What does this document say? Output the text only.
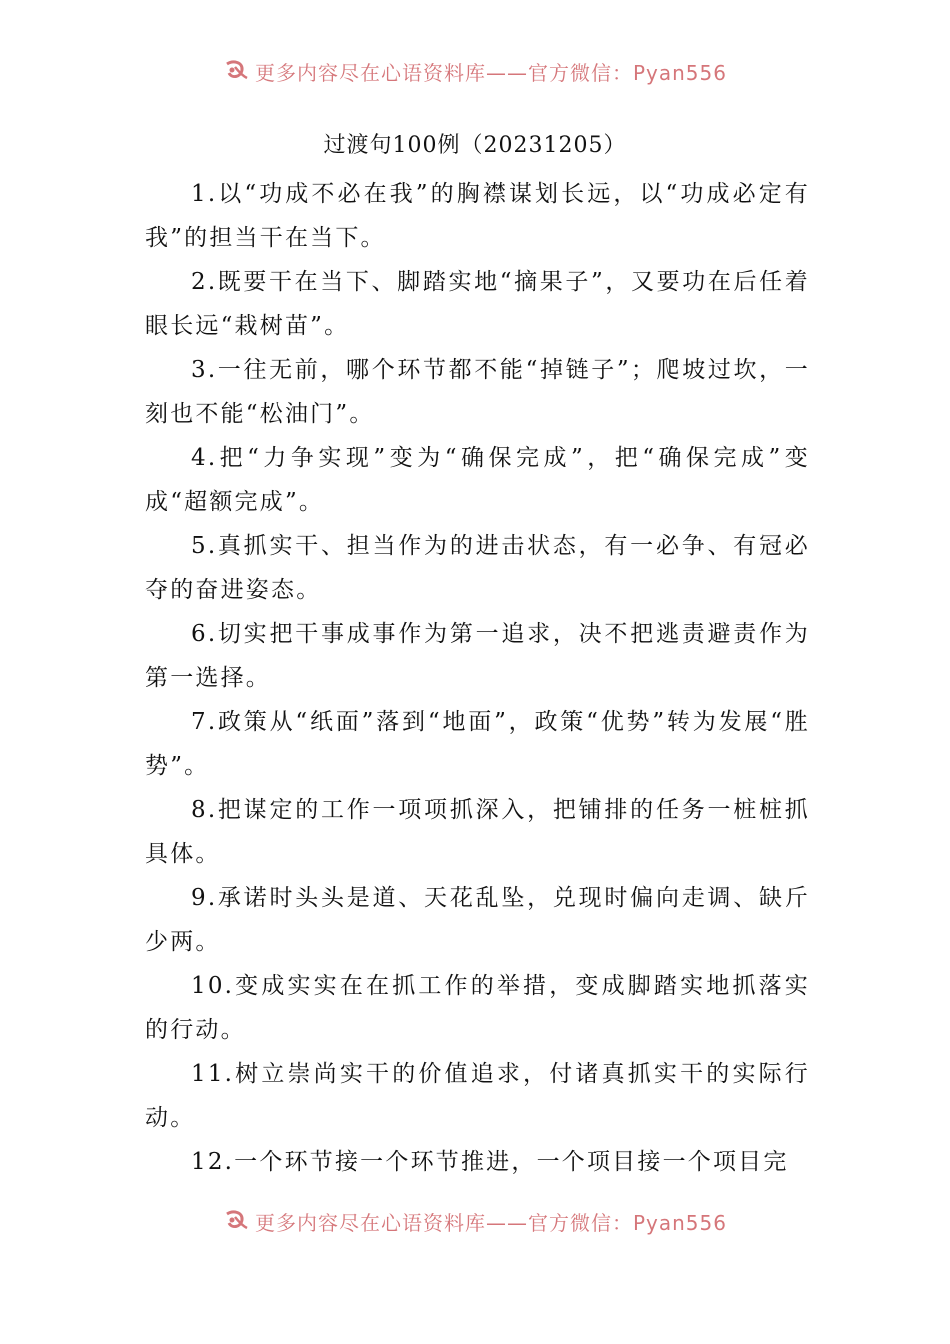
更多内容尽在心语资料库——官方微信：Pyan556
过渡句100例（20231205）

1.以“功成不必在我”的胸襟谋划长远，以“功成必定有我”的担当干在当下。

2.既要干在当下、脚踏实地“摘果子”，又要功在后任着眼长远“栽树苗”。

3.一往无前，哪个环节都不能“掉链子”；爬坡过坎，一刻也不能“松油门”。

4.把“力争实现”变为“确保完成”，把“确保完成”变成“超额完成”。

5.真抓实干、担当作为的进击状态，有一必争、有冠必夺的奋进姿态。

6.切实把干事成事作为第一追求，决不把逃责避责作为第一选择。

7.政策从“纸面”落到“地面”，政策“优势”转为发展“胜势”。

8.把谋定的工作一项项抓深入，把铺排的任务一桩桩抓具体。

9.承诺时头头是道、天花乱坠，兑现时偏向走调、缺斤少两。

10.变成实实在在抓工作的举措，变成脚踏实地抓落实的行动。

11.树立崇尚实干的价值追求，付诸真抓实干的实际行动。

12.一个环节接一个环节推进，一个项目接一个项目完

更多内容尽在心语资料库——官方微信：Pyan556
